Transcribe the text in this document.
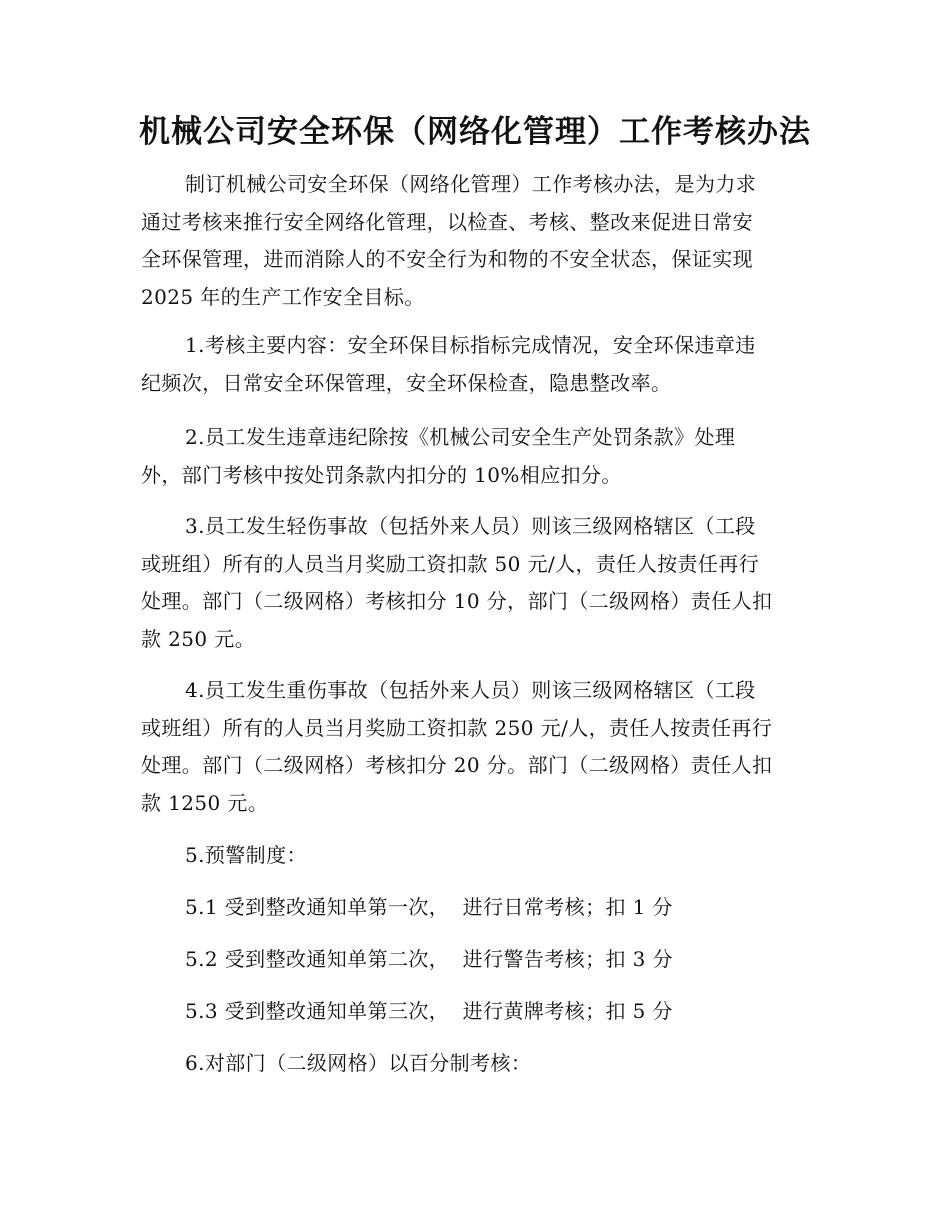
机械公司安全环保（网络化管理）工作考核办法
制订机械公司安全环保（网络化管理）工作考核办法，是为力求
通过考核来推行安全网络化管理，以检查、考核、整改来促进日常安
全环保管理，进而消除人的不安全行为和物的不安全状态，保证实现
2025 年的生产工作安全目标。
1.考核主要内容：安全环保目标指标完成情况，安全环保违章违
纪频次，日常安全环保管理，安全环保检查，隐患整改率。
2.员工发生违章违纪除按《机械公司安全生产处罚条款》处理
外，部门考核中按处罚条款内扣分的 10%相应扣分。
3.员工发生轻伤事故（包括外来人员）则该三级网格辖区（工段
或班组）所有的人员当月奖励工资扣款 50 元/人，责任人按责任再行
处理。部门（二级网格）考核扣分 10 分，部门（二级网格）责任人扣
款 250 元。
4.员工发生重伤事故（包括外来人员）则该三级网格辖区（工段
或班组）所有的人员当月奖励工资扣款 250 元/人，责任人按责任再行
处理。部门（二级网格）考核扣分 20 分。部门（二级网格）责任人扣
款 1250 元。
5.预警制度：
5.1 受到整改通知单第一次，  进行日常考核；扣 1 分
5.2 受到整改通知单第二次，  进行警告考核；扣 3 分
5.3 受到整改通知单第三次，  进行黄牌考核；扣 5 分
6.对部门（二级网格）以百分制考核：
